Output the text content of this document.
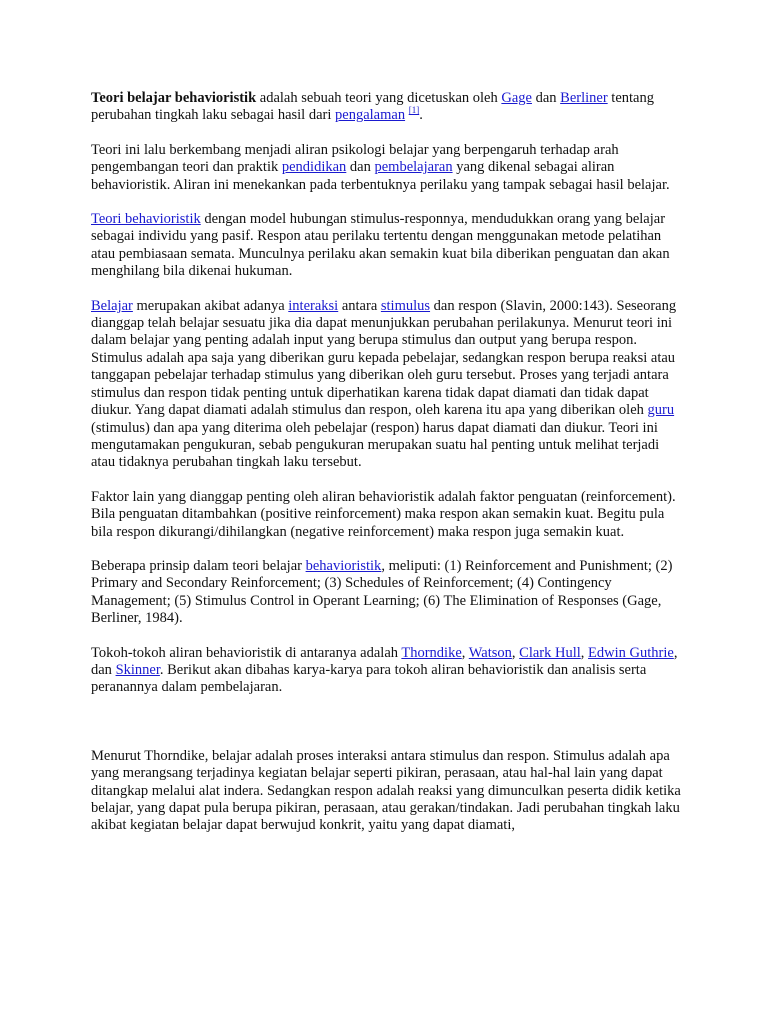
Teori belajar behavioristik adalah sebuah teori yang dicetuskan oleh Gage dan Berliner tentang perubahan tingkah laku sebagai hasil dari pengalaman [1].

Teori ini lalu berkembang menjadi aliran psikologi belajar yang berpengaruh terhadap arah pengembangan teori dan praktik pendidikan dan pembelajaran yang dikenal sebagai aliran behavioristik. Aliran ini menekankan pada terbentuknya perilaku yang tampak sebagai hasil belajar.

Teori behavioristik dengan model hubungan stimulus-responnya, mendudukkan orang yang belajar sebagai individu yang pasif. Respon atau perilaku tertentu dengan menggunakan metode pelatihan atau pembiasaan semata. Munculnya perilaku akan semakin kuat bila diberikan penguatan dan akan menghilang bila dikenai hukuman.

Belajar merupakan akibat adanya interaksi antara stimulus dan respon (Slavin, 2000:143). Seseorang dianggap telah belajar sesuatu jika dia dapat menunjukkan perubahan perilakunya. Menurut teori ini dalam belajar yang penting adalah input yang berupa stimulus dan output yang berupa respon. Stimulus adalah apa saja yang diberikan guru kepada pebelajar, sedangkan respon berupa reaksi atau tanggapan pebelajar terhadap stimulus yang diberikan oleh guru tersebut. Proses yang terjadi antara stimulus dan respon tidak penting untuk diperhatikan karena tidak dapat diamati dan tidak dapat diukur. Yang dapat diamati adalah stimulus dan respon, oleh karena itu apa yang diberikan oleh guru (stimulus) dan apa yang diterima oleh pebelajar (respon) harus dapat diamati dan diukur. Teori ini mengutamakan pengukuran, sebab pengukuran merupakan suatu hal penting untuk melihat terjadi atau tidaknya perubahan tingkah laku tersebut.

Faktor lain yang dianggap penting oleh aliran behavioristik adalah faktor penguatan (reinforcement). Bila penguatan ditambahkan (positive reinforcement) maka respon akan semakin kuat. Begitu pula bila respon dikurangi/dihilangkan (negative reinforcement) maka respon juga semakin kuat.

Beberapa prinsip dalam teori belajar behavioristik, meliputi: (1) Reinforcement and Punishment; (2) Primary and Secondary Reinforcement; (3) Schedules of Reinforcement; (4) Contingency Management; (5) Stimulus Control in Operant Learning; (6) The Elimination of Responses (Gage, Berliner, 1984).

Tokoh-tokoh aliran behavioristik di antaranya adalah Thorndike, Watson, Clark Hull, Edwin Guthrie, dan Skinner. Berikut akan dibahas karya-karya para tokoh aliran behavioristik dan analisis serta peranannya dalam pembelajaran.

Menurut Thorndike, belajar adalah proses interaksi antara stimulus dan respon. Stimulus adalah apa yang merangsang terjadinya kegiatan belajar seperti pikiran, perasaan, atau hal-hal lain yang dapat ditangkap melalui alat indera. Sedangkan respon adalah reaksi yang dimunculkan peserta didik ketika belajar, yang dapat pula berupa pikiran, perasaan, atau gerakan/tindakan. Jadi perubahan tingkah laku akibat kegiatan belajar dapat berwujud konkrit, yaitu yang dapat diamati,
